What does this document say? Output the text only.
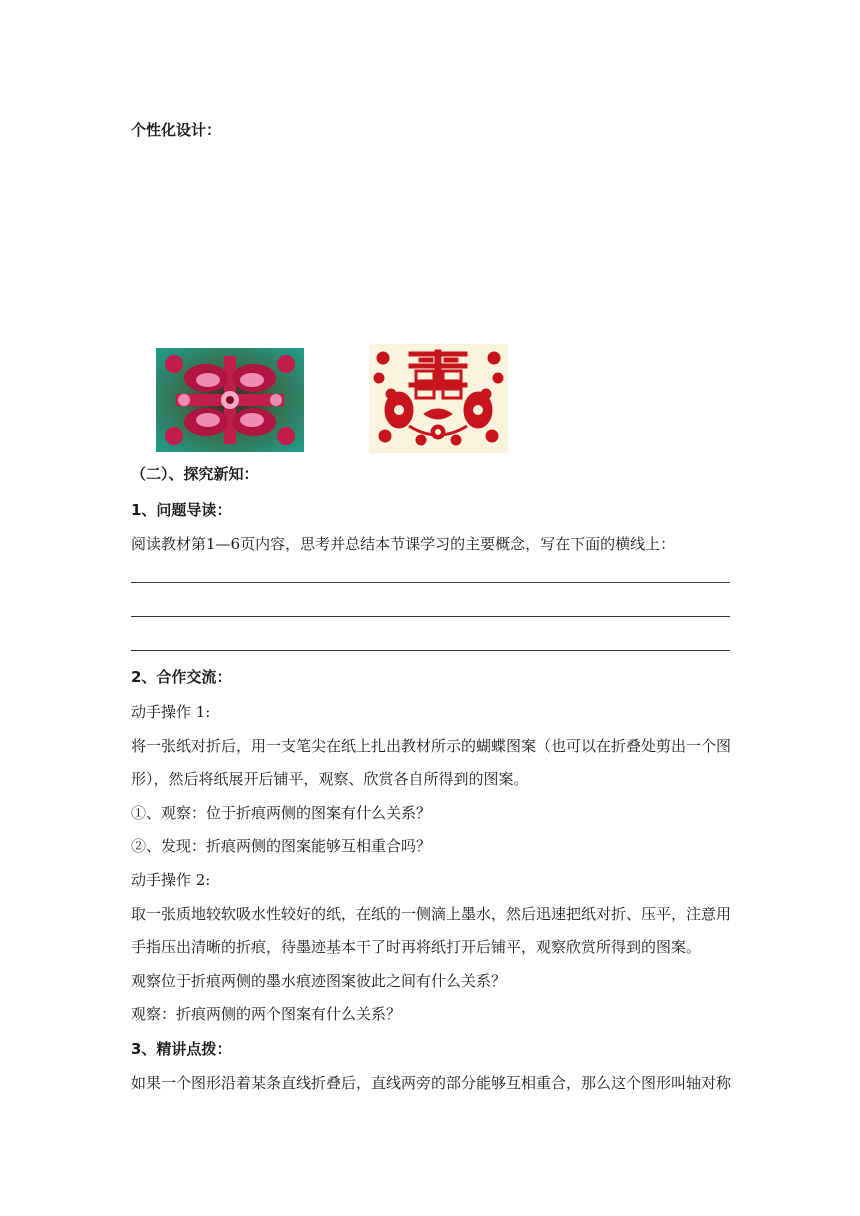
个性化设计：
（二）、探究新知：
1、问题导读：
阅读教材第1—6页内容，思考并总结本节课学习的主要概念，写在下面的横线上：
2、合作交流：
动手操作 1:
将一张纸对折后，用一支笔尖在纸上扎出教材所示的蝴蝶图案（也可以在折叠处剪出一个图
形），然后将纸展开后铺平，观察、欣赏各自所得到的图案。
①、观察：位于折痕两侧的图案有什么关系？
②、发现：折痕两侧的图案能够互相重合吗？
动手操作 2:
取一张质地较软吸水性较好的纸，在纸的一侧滴上墨水，然后迅速把纸对折、压平，注意用
手指压出清晰的折痕，待墨迹基本干了时再将纸打开后铺平，观察欣赏所得到的图案。
观察位于折痕两侧的墨水痕迹图案彼此之间有什么关系？
观察：折痕两侧的两个图案有什么关系？
3、精讲点拨：
如果一个图形沿着某条直线折叠后，直线两旁的部分能够互相重合，那么这个图形叫轴对称
